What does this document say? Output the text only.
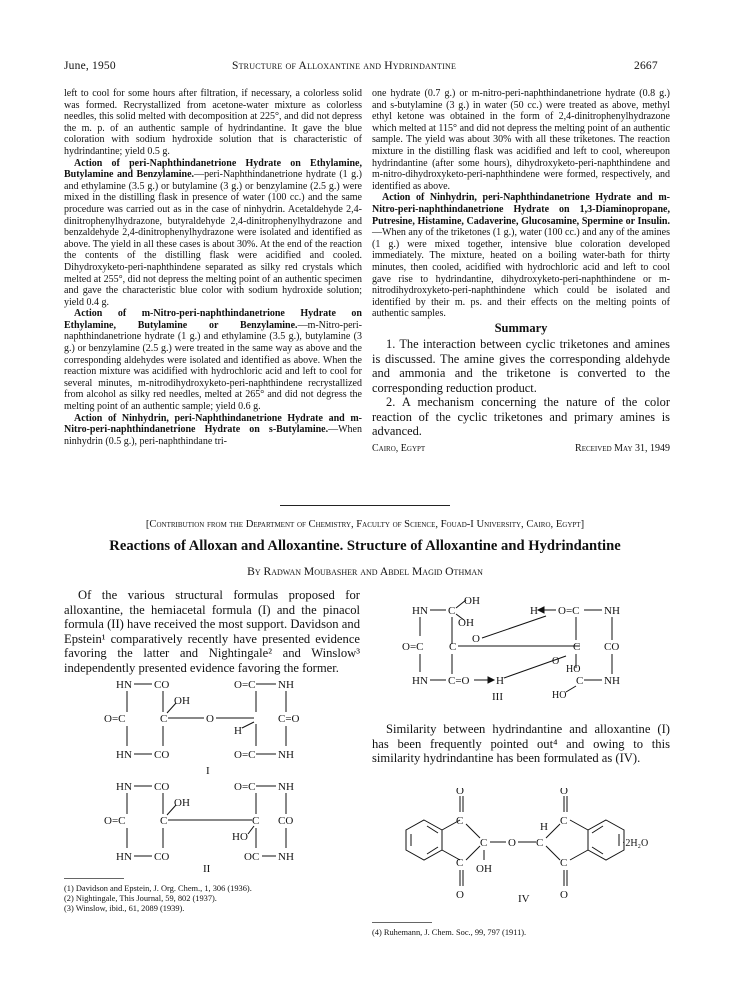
June, 1950	Structure of Alloxantine and Hydrindantine	2667

left to cool for some hours after filtration, if necessary, a colorless solid was formed. Recrystallized from acetone-water mixture as colorless needles, this solid melted with decomposition at 225°, and did not depress the m. p. of an authentic sample of hydrindantine. It gave the blue coloration with sodium hydroxide solution that is characteristic of hydrindantine; yield 0.5 g.

Action of peri-Naphthindanetrione Hydrate on Ethylamine, Butylamine and Benzylamine.—peri-Naphthindanetrione hydrate (1 g.) and ethylamine (3.5 g.) or butylamine (3 g.) or benzylamine (2.5 g.) were mixed in the distilling flask in presence of water (100 cc.) and the same procedure was carried out as in the case of ninhydrin. Acetaldehyde 2,4-dinitrophenylhydrazone, butyraldehyde 2,4-dinitrophenylhydrazone and benzaldehyde 2,4-dinitrophenylhydrazone were isolated and identified as above. The yield in all these cases is about 30%. At the end of the reaction the contents of the distilling flask were acidified and cooled. Dihydroxyketo-peri-naphthindene separated as silky red crystals which melted at 255°, did not depress the melting point of an authentic specimen and gave the characteristic blue color with sodium hydroxide solution; yield 0.4 g.

Action of m-Nitro-peri-naphthindanetrione Hydrate on Ethylamine, Butylamine or Benzylamine.—m-Nitro-peri-naphthindanetrione hydrate (1 g.) and ethylamine (3.5 g.), butylamine (3 g.) or benzylamine (2.5 g.) were treated in the same way as above and the corresponding aldehydes were isolated and identified as above. When the reaction mixture was acidified with hydrochloric acid and left to cool for several minutes, m-nitrodihydroxyketo-peri-naphthindene recrystallized from alcohol as silky red needles, melted at 265° and did not degress the melting point of an authentic sample; yield 0.6 g.

Action of Ninhydrin, peri-Naphthindanetrione Hydrate and m-Nitro-peri-naphthindanetrione Hydrate on s-Butylamine.—When ninhydrin (0.5 g.), peri-naphthindane tri-

one hydrate (0.7 g.) or m-nitro-peri-naphthindanetrione hydrate (0.8 g.) and s-butylamine (3 g.) in water (50 cc.) were treated as above, methyl ethyl ketone was obtained in the form of 2,4-dinitrophenylhydrazone which melted at 115° and did not depress the melting point of an authentic sample. The yield was about 30% with all these triketones. The reaction mixture in the distilling flask was acidified and left to cool, whereupon hydrindantine (after some hours), dihydroxyketo-peri-naphthindene and m-nitro-dihydroxyketo-peri-naphthindene were formed, respectively, and identified as above.

Action of Ninhydrin, peri-Naphthindanetrione Hydrate and m-Nitro-peri-naphthindanetrione Hydrate on 1,3-Diaminopropane, Putresine, Histamine, Cadaverine, Glucosamine, Spermine or Insulin.—When any of the triketones (1 g.), water (100 cc.) and any of the amines (1 g.) were mixed together, intensive blue coloration developed immediately. The mixture, heated on a boiling water-bath for thirty minutes, then cooled, acidified with hydrochloric acid and left to cool gave rise to hydrindantine, dihydroxyketo-peri-naphthindene or m-nitrodihydroxyketo-peri-naphthindene which could be isolated and identified by their m. ps. and their effects on the melting points of authentic samples.

Summary

1. The interaction between cyclic triketones and amines is discussed. The amine gives the corresponding aldehyde and ammonia and the triketone is converted to the corresponding reduction product.

2. A mechanism concerning the nature of the color reaction of the cyclic triketones and primary amines is advanced.

Cairo, Egypt	Received May 31, 1949
[Contribution from the Department of Chemistry, Faculty of Science, Fouad-I University, Cairo, Egypt]
Reactions of Alloxan and Alloxantine. Structure of Alloxantine and Hydrindantine
By Radwan Moubasher and Abdel Magid Othman

Of the various structural formulas proposed for alloxantine, the hemiacetal formula (I) and the pinacol formula (II) have received the most support. Davidson and Epstein¹ comparatively recently have presented evidence favoring the latter and Nightingale² and Winslow³ independently presented evidence favoring the former.

HN CO
O=C	C
OH
O
HN CO
O=C NH
H
C=O
O=C NH
I
HN CO
O=C	C
OH
HN CO
O=C NH
C
HO
CO
OC NH
II
(1) Davidson and Epstein, J. Org. Chem., 1, 306 (1936).
(2) Nightingale, This Journal, 59, 802 (1937).
(3) Winslow, ibid., 61, 2089 (1939).
HN C
OH
OH
O
O=C C
HN C=O H
H O=C NH
C CO
O
HO
C NH
HO
III

Similarity between hydrindantine and alloxantine (I) has been frequently pointed out⁴ and owing to this similarity hydrindantine has been formulated as (IV).

C
C
C
O
O
OH
O C
H C
C
O
O
·2H₂O
IV
(4) Ruhemann, J. Chem. Soc., 99, 797 (1911).
